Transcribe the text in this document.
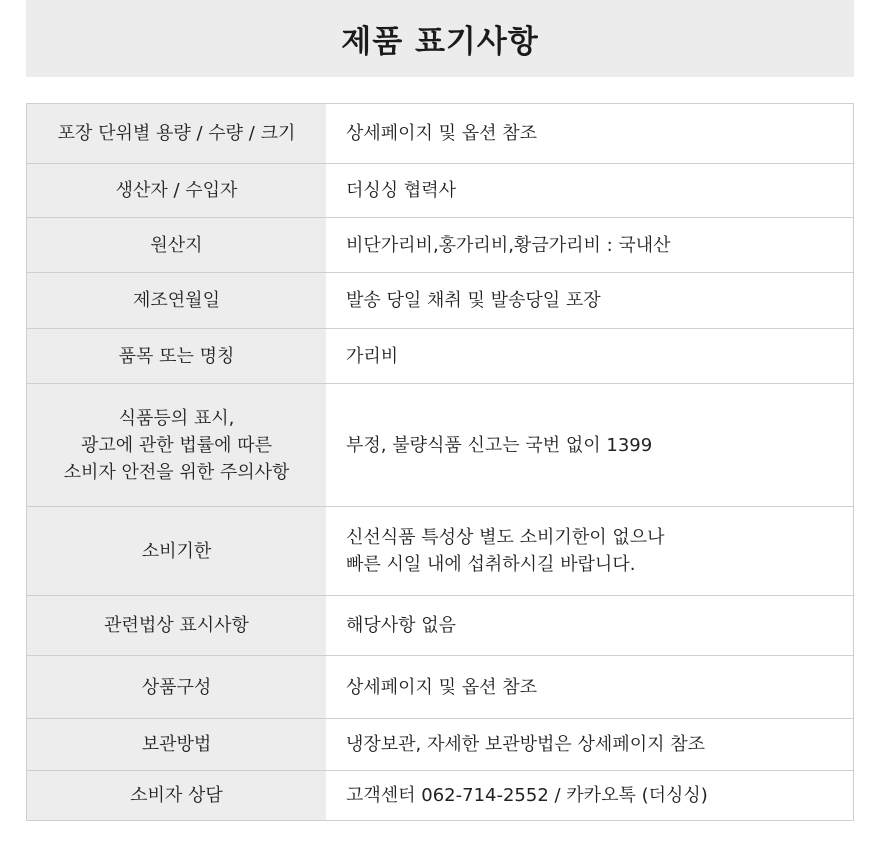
제품 표기사항
포장 단위별 용량 / 수량 / 크기	상세페이지 및 옵션 참조
생산자 / 수입자	더싱싱 협력사
원산지	비단가리비,홍가리비,황금가리비 : 국내산
제조연월일	발송 당일 채취 및 발송당일 포장
품목 또는 명칭	가리비
식품등의 표시,
광고에 관한 법률에 따른
소비자 안전을 위한 주의사항	부정, 불량식품 신고는 국번 없이 1399
소비기한	신선식품 특성상 별도 소비기한이 없으나
빠른 시일 내에 섭취하시길 바랍니다.
관련법상 표시사항	해당사항 없음
상품구성	상세페이지 및 옵션 참조
보관방법	냉장보관, 자세한 보관방법은 상세페이지 참조
소비자 상담	고객센터 062-714-2552 / 카카오톡 (더싱싱)
